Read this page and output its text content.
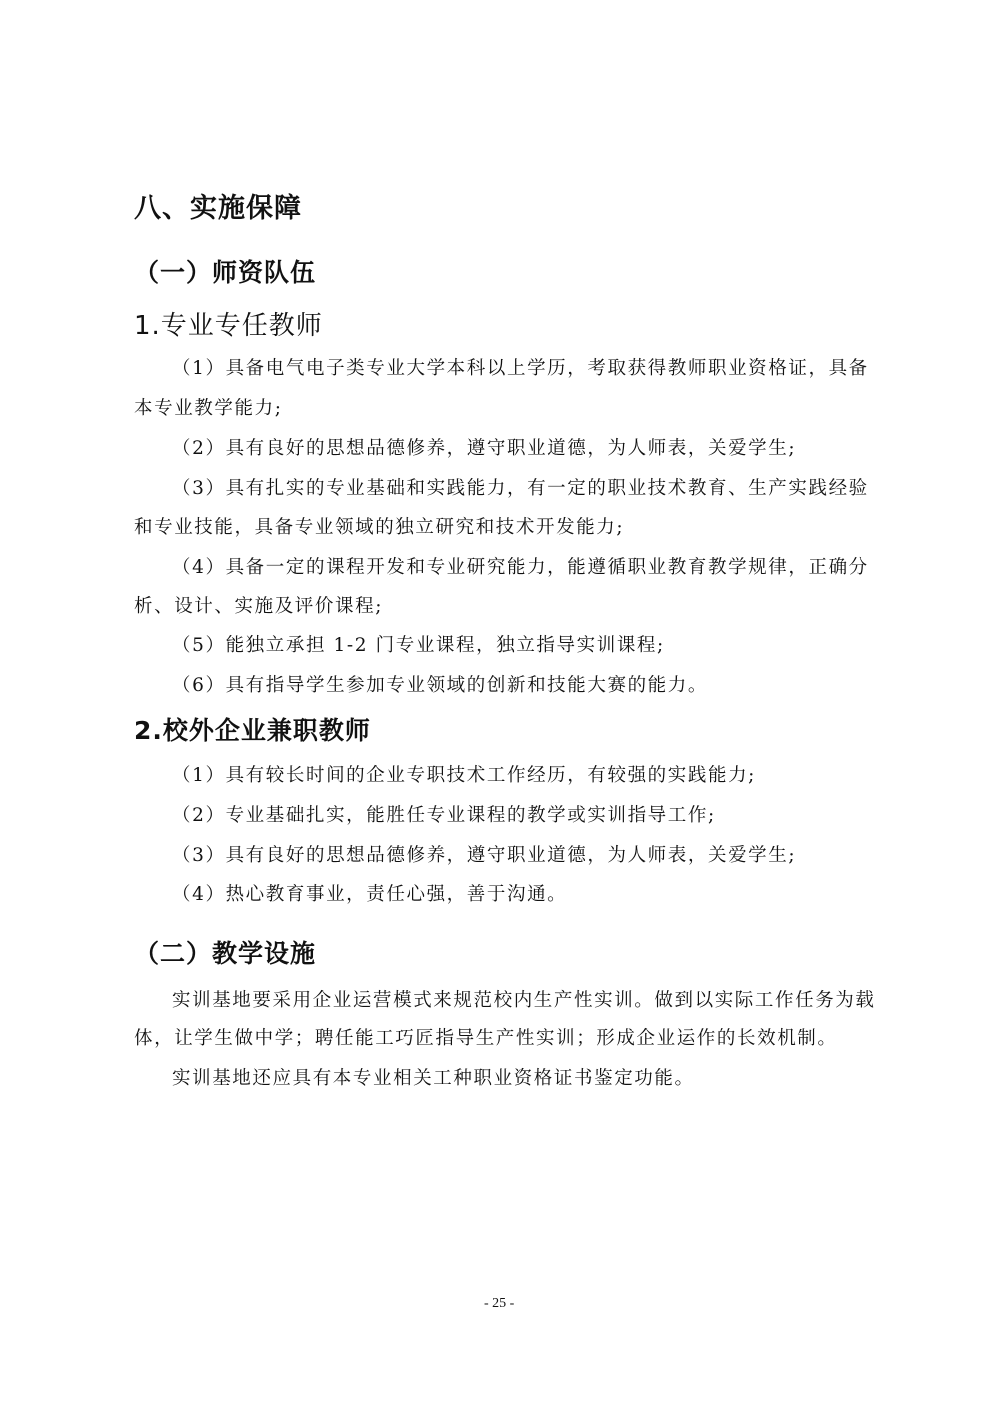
八、实施保障
（一）师资队伍
1.专业专任教师
（1）具备电气电子类专业大学本科以上学历，考取获得教师职业资格证，具备
本专业教学能力;
（2）具有良好的思想品德修养，遵守职业道德，为人师表，关爱学生;
（3）具有扎实的专业基础和实践能力，有一定的职业技术教育、生产实践经验
和专业技能，具备专业领域的独立研究和技术开发能力;
（4）具备一定的课程开发和专业研究能力，能遵循职业教育教学规律，正确分
析、设计、实施及评价课程;
（5）能独立承担 1-2 门专业课程，独立指导实训课程;
（6）具有指导学生参加专业领域的创新和技能大赛的能力。
2.校外企业兼职教师
（1）具有较长时间的企业专职技术工作经历，有较强的实践能力;
（2）专业基础扎实，能胜任专业课程的教学或实训指导工作;
（3）具有良好的思想品德修养，遵守职业道德，为人师表，关爱学生;
（4）热心教育事业，责任心强，善于沟通。
（二）教学设施
实训基地要采用企业运营模式来规范校内生产性实训。做到以实际工作任务为载
体，让学生做中学；聘任能工巧匠指导生产性实训；形成企业运作的长效机制。
实训基地还应具有本专业相关工种职业资格证书鉴定功能。
- 25 -
